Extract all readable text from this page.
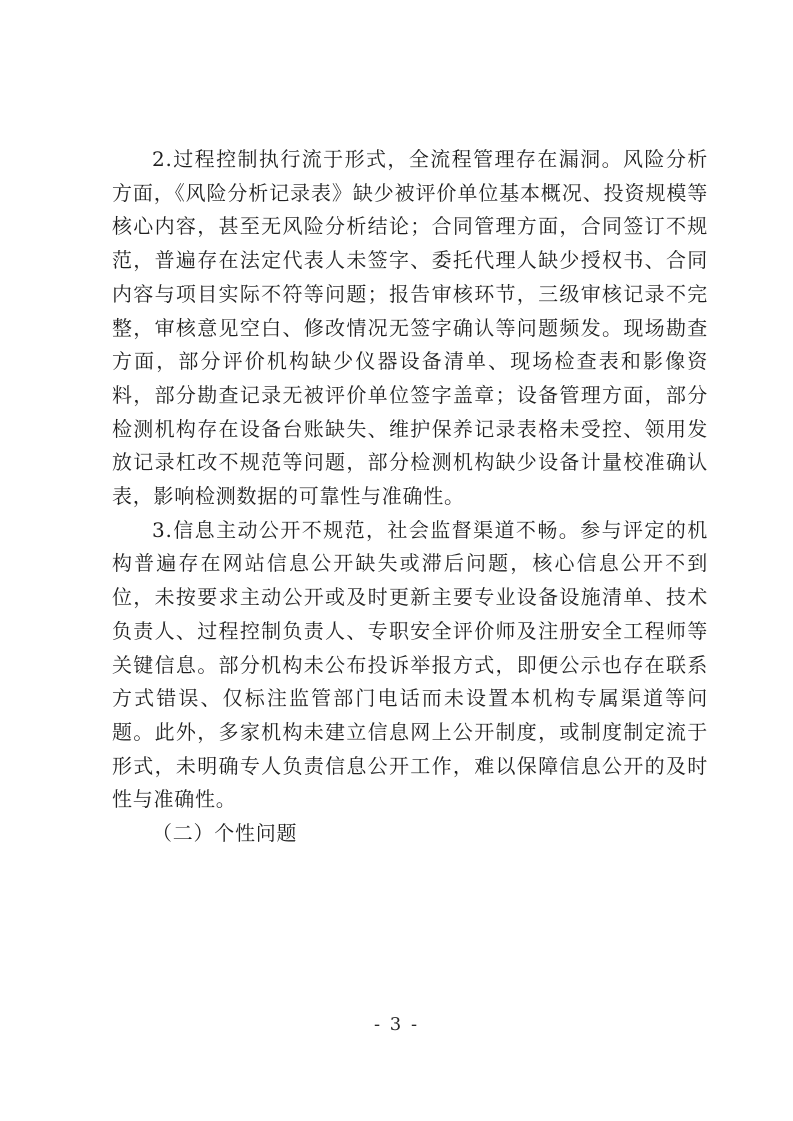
2.过程控制执行流于形式，全流程管理存在漏洞。风险分析方面，《风险分析记录表》缺少被评价单位基本概况、投资规模等核心内容，甚至无风险分析结论；合同管理方面，合同签订不规范，普遍存在法定代表人未签字、委托代理人缺少授权书、合同内容与项目实际不符等问题；报告审核环节，三级审核记录不完整，审核意见空白、修改情况无签字确认等问题频发。现场勘查方面，部分评价机构缺少仪器设备清单、现场检查表和影像资料，部分勘查记录无被评价单位签字盖章；设备管理方面，部分检测机构存在设备台账缺失、维护保养记录表格未受控、领用发放记录杠改不规范等问题，部分检测机构缺少设备计量校准确认表，影响检测数据的可靠性与准确性。

3.信息主动公开不规范，社会监督渠道不畅。参与评定的机构普遍存在网站信息公开缺失或滞后问题，核心信息公开不到位，未按要求主动公开或及时更新主要专业设备设施清单、技术负责人、过程控制负责人、专职安全评价师及注册安全工程师等关键信息。部分机构未公布投诉举报方式，即便公示也存在联系方式错误、仅标注监管部门电话而未设置本机构专属渠道等问题。此外，多家机构未建立信息网上公开制度，或制度制定流于形式，未明确专人负责信息公开工作，难以保障信息公开的及时性与准确性。

（二）个性问题

- 3 -
